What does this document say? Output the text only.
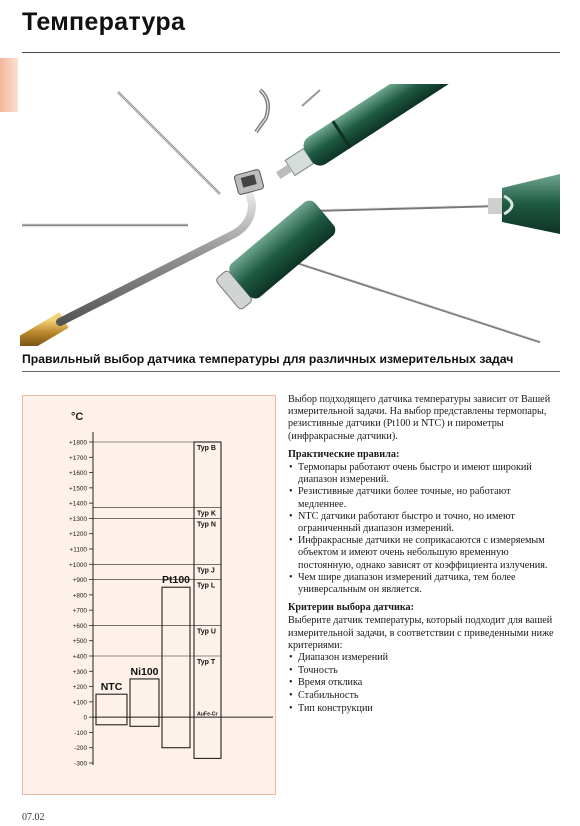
Температура
Правильный выбор датчика температуры для различных измерительных задач
°C
+1800
+1700
+1600
+1500
+1400
+1300
+1200
+1100
+1000
+900
+800
+700
+600
+500
+400
+300
+200
+100
0
-100
-200
-300
NTC
Ni100
Pt100
Typ B
Typ K
Typ N
Typ J
Typ L
Typ U
Typ T
AuFe-Cr

Выбор подходящего датчика температуры зависит от Вашей измерительной задачи. На выбор представлены термопары, резистивные датчики (Pt100 и NTC) и пирометры (инфракрасные датчики).

Практические правила:
• Термопары работают очень быстро и имеют широкий диапазон измерений.
• Резистивные датчики более точные, но работают медленнее.
• NTC датчики работают быстро и точно, но имеют ограниченный диапазон измерений.
• Инфракрасные датчики не соприкасаются с измеряемым объектом и имеют очень небольшую временную постоянную, однако зависят от коэффициента излучения.
• Чем шире диапазон измерений датчика, тем более универсальным он является.
Критерии выбора датчика:

Выберите датчик температуры, который подходит для вашей измерительной задачи, в соответствии с приведенными ниже критериями:

• Диапазон измерений
• Точность
• Время отклика
• Стабильность
• Тип конструкции
07.02
